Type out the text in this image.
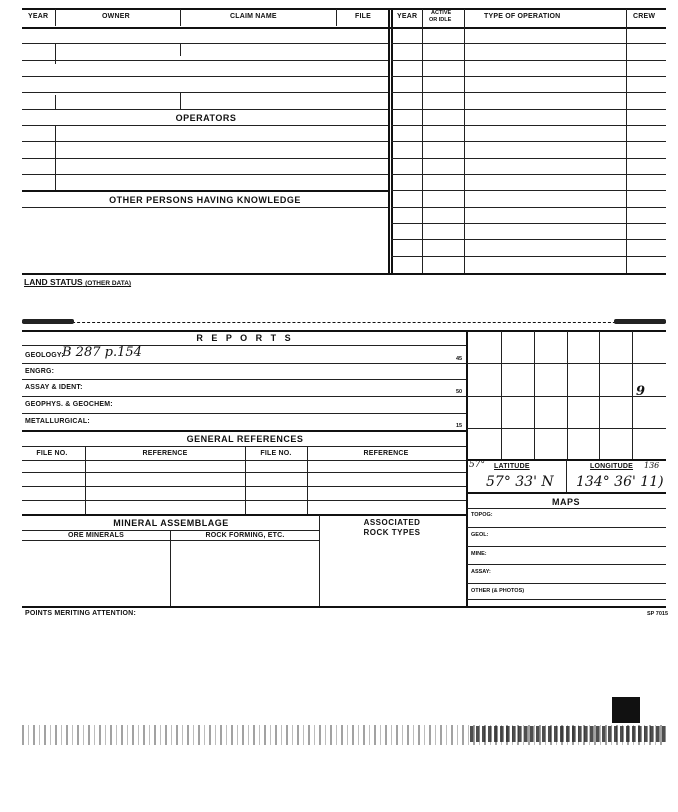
YEAR	OWNER	CLAIM NAME	FILE	YEAR	ACTIVE
OR IDLE	TYPE OF OPERATION	CREW
OPERATORS
OTHER PERSONS HAVING KNOWLEDGE
LAND STATUS (OTHER DATA)
R E P O R T S
GEOLOGY:
B 287 p.154	45
ENGRG:
ASSAY & IDENT:
50
GEOPHYS. & GEOCHEM:
METALLURGICAL:
15
GENERAL REFERENCES
FILE NO.	REFERENCE	FILE NO.	REFERENCE
MINERAL ASSEMBLAGE
ORE MINERALS	ROCK FORMING, ETC.
ASSOCIATED
ROCK TYPES
9
57° LATITUDE	LONGITUDE 136
57° 33' N 134° 36' 11)
MAPS
TOPOG:
GEOL:
MINE:
ASSAY:
OTHER (& PHOTOS)
POINTS MERITING ATTENTION:	SP 7015
